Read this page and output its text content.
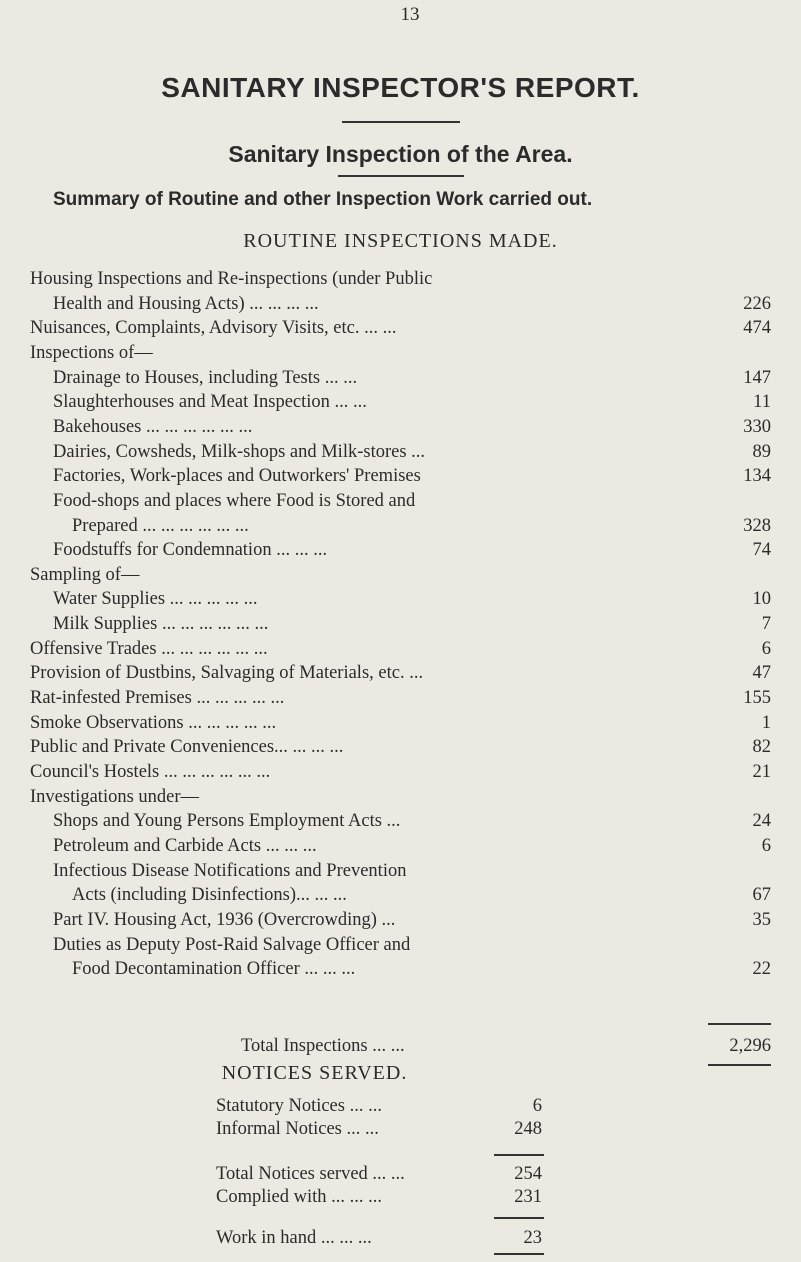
13
SANITARY INSPECTOR'S REPORT.
Sanitary Inspection of the Area.
Summary of Routine and other Inspection Work carried out.
ROUTINE INSPECTIONS MADE.
Housing Inspections and Re-inspections (under Public
Health and Housing Acts) ... ... ... ...	226
Nuisances, Complaints, Advisory Visits, etc. ... ...	474
Inspections of—
Drainage to Houses, including Tests ... ...	147
Slaughterhouses and Meat Inspection ... ...	11
Bakehouses ... ... ... ... ... ...	330
Dairies, Cowsheds, Milk-shops and Milk-stores ...	89
Factories, Work-places and Outworkers' Premises	134
Food-shops and places where Food is Stored and
Prepared ... ... ... ... ... ...	328
Foodstuffs for Condemnation ... ... ...	74
Sampling of—
Water Supplies ... ... ... ... ...	10
Milk Supplies ... ... ... ... ... ...	7
Offensive Trades ... ... ... ... ... ...	6
Provision of Dustbins, Salvaging of Materials, etc. ...	47
Rat-infested Premises ... ... ... ... ...	155
Smoke Observations ... ... ... ... ...	1
Public and Private Conveniences... ... ... ...	82
Council's Hostels ... ... ... ... ... ...	21
Investigations under—
Shops and Young Persons Employment Acts ...	24
Petroleum and Carbide Acts ... ... ...	6
Infectious Disease Notifications and Prevention
Acts (including Disinfections)... ... ...	67
Part IV. Housing Act, 1936 (Overcrowding) ...	35
Duties as Deputy Post-Raid Salvage Officer and
Food Decontamination Officer ... ... ...	22
Total Inspections ... ...	2,296
NOTICES SERVED.
Statutory Notices ... ...	6
Informal Notices ... ...	248
Total Notices served ... ...	254
Complied with ... ... ...	231
Work in hand ... ... ...	23
